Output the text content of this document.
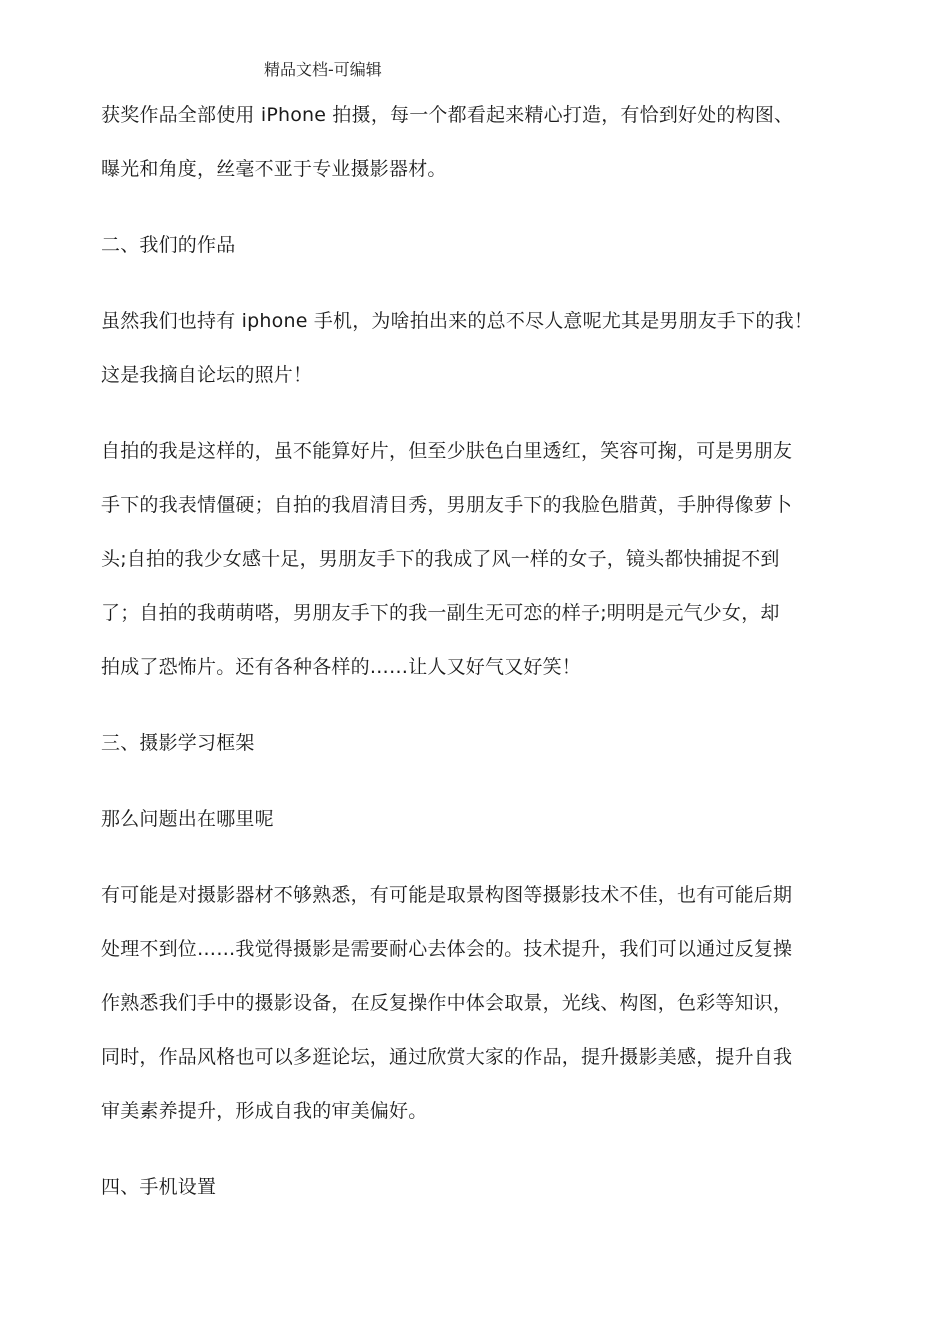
精品文档-可编辑
获奖作品全部使用 iPhone 拍摄，每一个都看起来精心打造，有恰到好处的构图、
曝光和角度，丝毫不亚于专业摄影器材。
二、我们的作品
虽然我们也持有 iphone 手机，为啥拍出来的总不尽人意呢尤其是男朋友手下的我！
这是我摘自论坛的照片！
自拍的我是这样的，虽不能算好片，但至少肤色白里透红，笑容可掬，可是男朋友
手下的我表情僵硬；自拍的我眉清目秀，男朋友手下的我脸色腊黄，手肿得像萝卜
头;自拍的我少女感十足，男朋友手下的我成了风一样的女子，镜头都快捕捉不到
了；自拍的我萌萌嗒，男朋友手下的我一副生无可恋的样子;明明是元气少女，却
拍成了恐怖片。还有各种各样的……让人又好气又好笑！
三、摄影学习框架
那么问题出在哪里呢
有可能是对摄影器材不够熟悉，有可能是取景构图等摄影技术不佳，也有可能后期
处理不到位……我觉得摄影是需要耐心去体会的。技术提升，我们可以通过反复操
作熟悉我们手中的摄影设备，在反复操作中体会取景，光线、构图，色彩等知识，
同时，作品风格也可以多逛论坛，通过欣赏大家的作品，提升摄影美感，提升自我
审美素养提升，形成自我的审美偏好。
四、手机设置
